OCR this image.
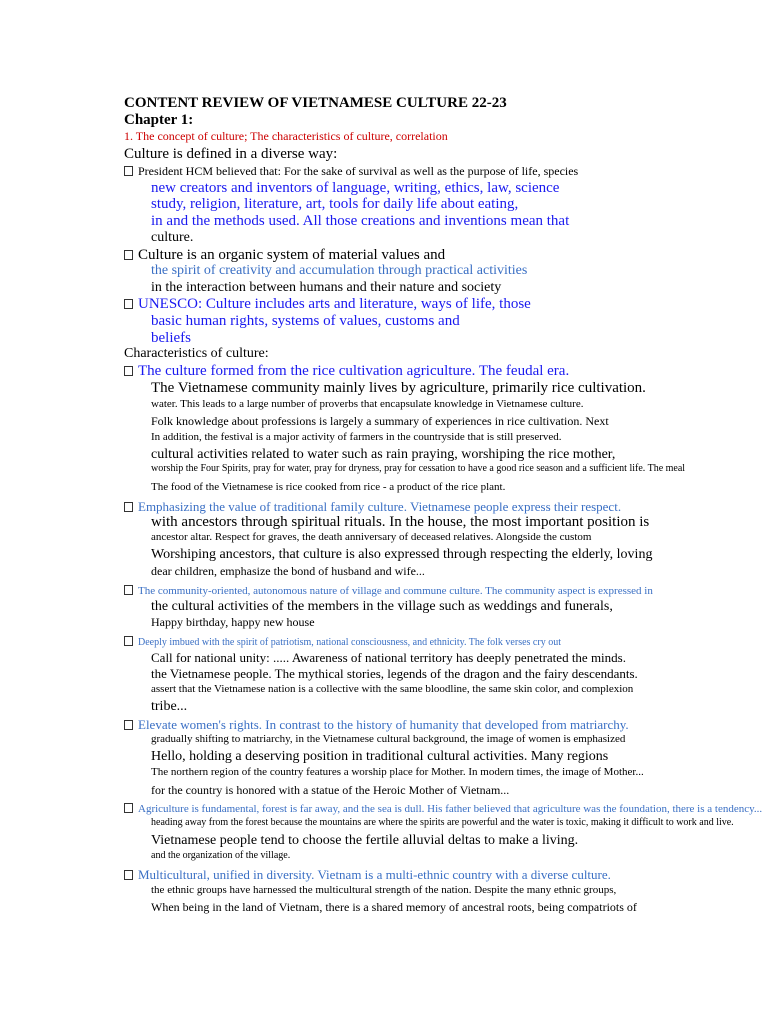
CONTENT REVIEW OF VIETNAMESE CULTURE 22-23
Chapter 1:
1. The concept of culture; The characteristics of culture, correlation
Culture is defined in a diverse way:
President HCM believed that: For the sake of survival as well as the purpose of life, species
new creators and inventors of language, writing, ethics, law, science
study, religion, literature, art, tools for daily life about eating,
in and the methods used. All those creations and inventions mean that
culture.
Culture is an organic system of material values and
the spirit of creativity and accumulation through practical activities
in the interaction between humans and their nature and society
UNESCO: Culture includes arts and literature, ways of life, those
basic human rights, systems of values, customs and
beliefs
Characteristics of culture:
The culture formed from the rice cultivation agriculture. The feudal era.
The Vietnamese community mainly lives by agriculture, primarily rice cultivation.
water. This leads to a large number of proverbs that encapsulate knowledge in Vietnamese culture.
Folk knowledge about professions is largely a summary of experiences in rice cultivation. Next
In addition, the festival is a major activity of farmers in the countryside that is still preserved.
cultural activities related to water such as rain praying, worshiping the rice mother,
worship the Four Spirits, pray for water, pray for dryness, pray for cessation to have a good rice season and a sufficient life. The meal
The food of the Vietnamese is rice cooked from rice - a product of the rice plant.
Emphasizing the value of traditional family culture. Vietnamese people express their respect.
with ancestors through spiritual rituals. In the house, the most important position is
ancestor altar. Respect for graves, the death anniversary of deceased relatives. Alongside the custom
Worshiping ancestors, that culture is also expressed through respecting the elderly, loving
dear children, emphasize the bond of husband and wife...
The community-oriented, autonomous nature of village and commune culture. The community aspect is expressed in
the cultural activities of the members in the village such as weddings and funerals,
Happy birthday, happy new house
Deeply imbued with the spirit of patriotism, national consciousness, and ethnicity. The folk verses cry out
Call for national unity: ..... Awareness of national territory has deeply penetrated the minds.
the Vietnamese people. The mythical stories, legends of the dragon and the fairy descendants.
assert that the Vietnamese nation is a collective with the same bloodline, the same skin color, and complexion
tribe...
Elevate women's rights. In contrast to the history of humanity that developed from matriarchy.
gradually shifting to matriarchy, in the Vietnamese cultural background, the image of women is emphasized
Hello, holding a deserving position in traditional cultural activities. Many regions
The northern region of the country features a worship place for Mother. In modern times, the image of Mother...
for the country is honored with a statue of the Heroic Mother of Vietnam...
Agriculture is fundamental, forest is far away, and the sea is dull. His father believed that agriculture was the foundation, there is a tendency...
heading away from the forest because the mountains are where the spirits are powerful and the water is toxic, making it difficult to work and live.
Vietnamese people tend to choose the fertile alluvial deltas to make a living.
and the organization of the village.
Multicultural, unified in diversity. Vietnam is a multi-ethnic country with a diverse culture.
the ethnic groups have harnessed the multicultural strength of the nation. Despite the many ethnic groups,
When being in the land of Vietnam, there is a shared memory of ancestral roots, being compatriots of
